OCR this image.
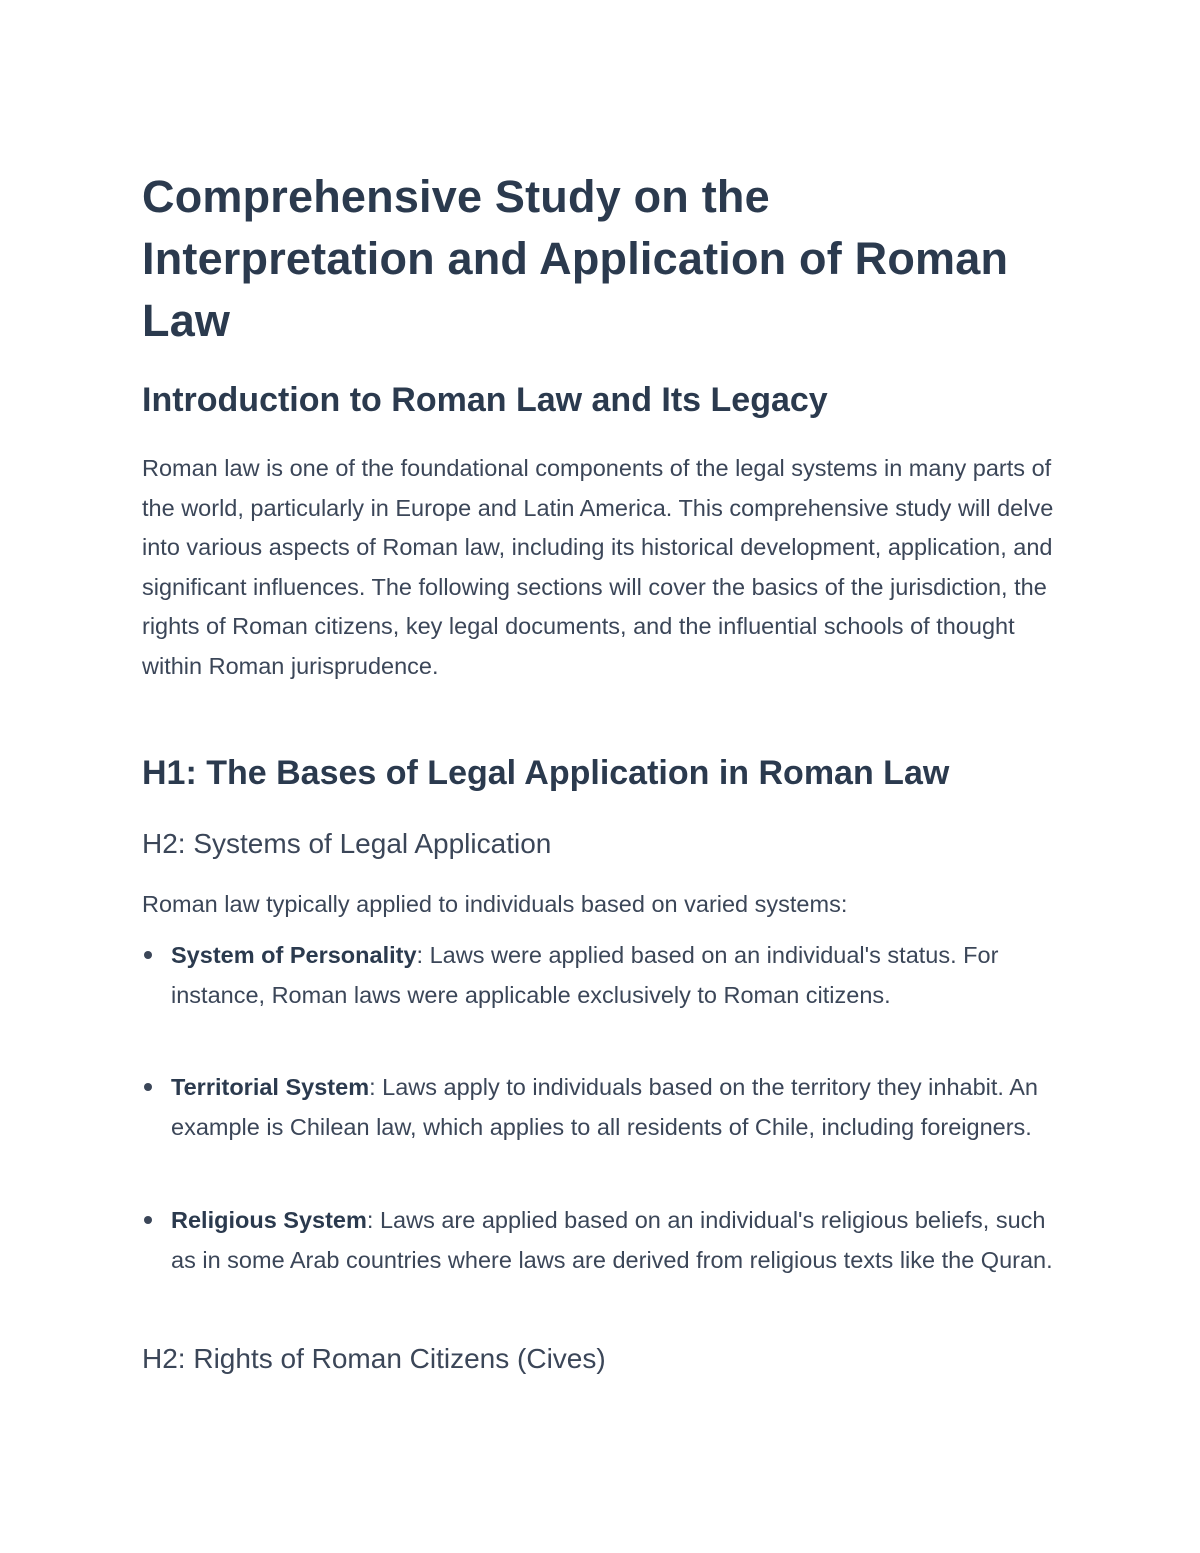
Comprehensive Study on the Interpretation and Application of Roman Law
Introduction to Roman Law and Its Legacy

Roman law is one of the foundational components of the legal systems in many parts of the world, particularly in Europe and Latin America. This comprehensive study will delve into various aspects of Roman law, including its historical development, application, and significant influences. The following sections will cover the basics of the jurisdiction, the rights of Roman citizens, key legal documents, and the influential schools of thought within Roman jurisprudence.

H1: The Bases of Legal Application in Roman Law
H2: Systems of Legal Application

Roman law typically applied to individuals based on varied systems:

System of Personality: Laws were applied based on an individual's status. For instance, Roman laws were applicable exclusively to Roman citizens.

Territorial System: Laws apply to individuals based on the territory they inhabit. An example is Chilean law, which applies to all residents of Chile, including foreigners.

Religious System: Laws are applied based on an individual's religious beliefs, such as in some Arab countries where laws are derived from religious texts like the Quran.

H2: Rights of Roman Citizens (Cives)
